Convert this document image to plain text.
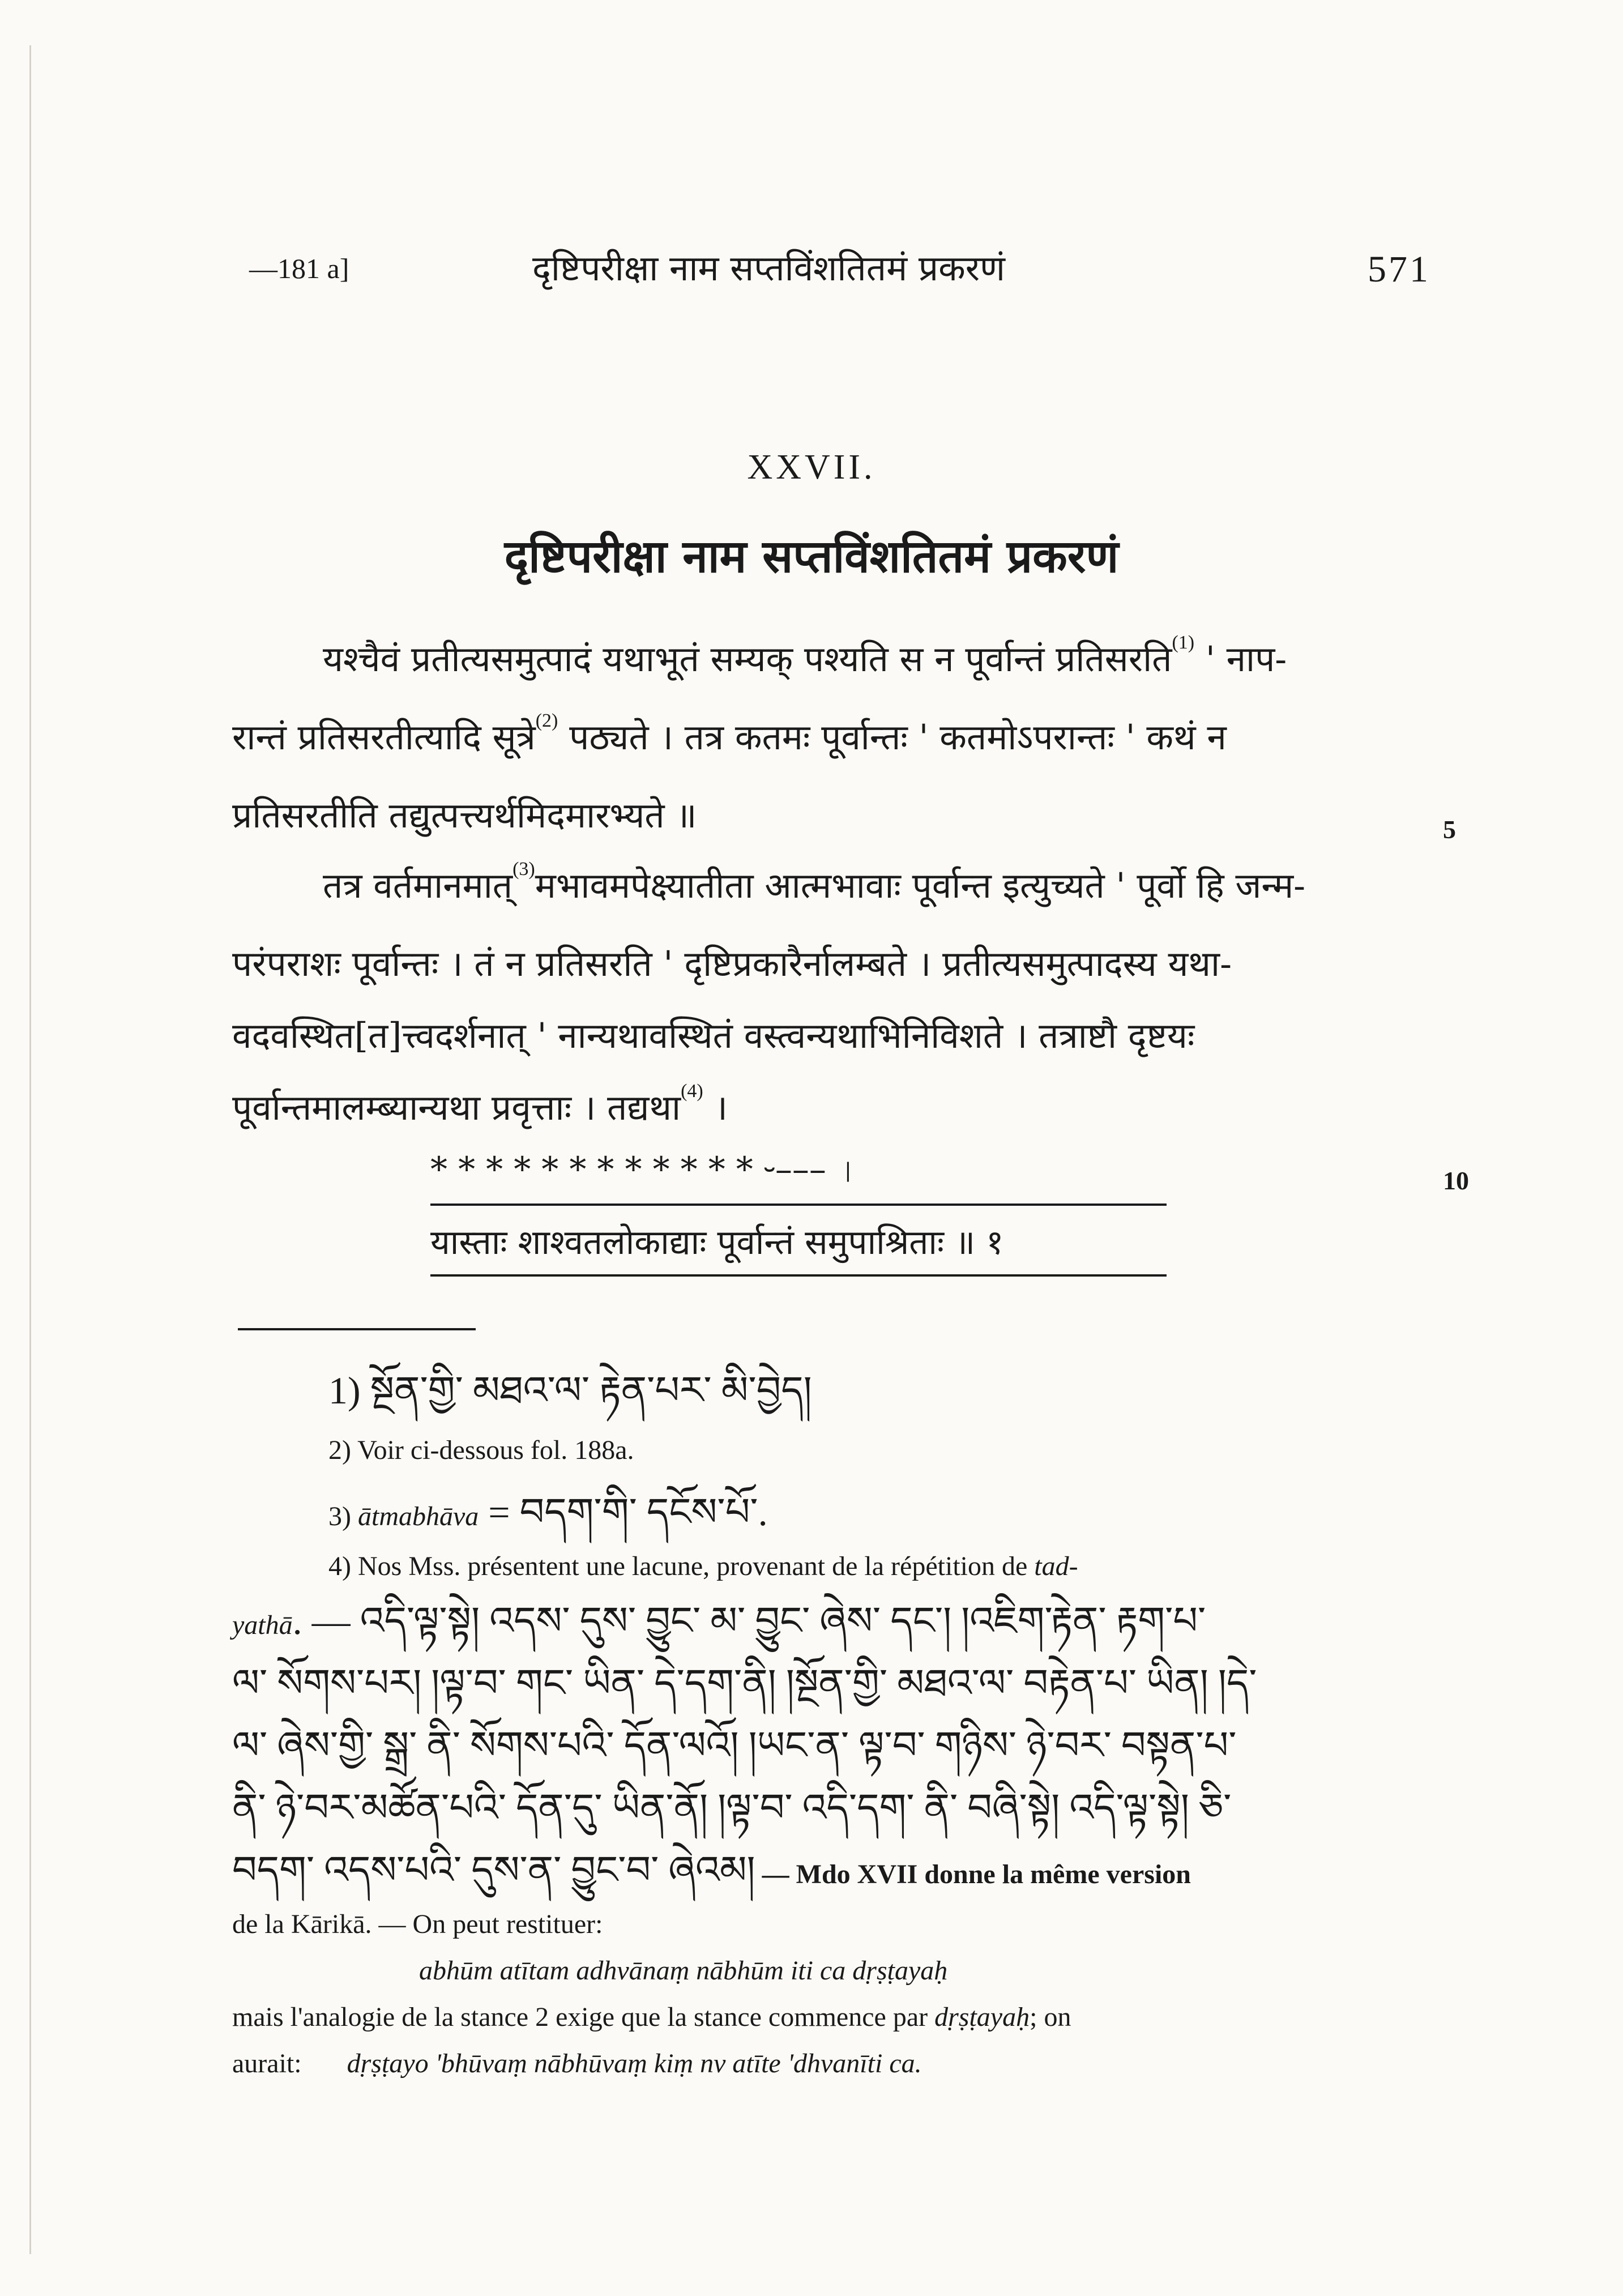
—181 a]	दृष्टिपरीक्षा नाम सप्तविंशतितमं प्रकरणं	571
XXVII.
दृष्टिपरीक्षा नाम सप्तविंशतितमं प्रकरणं
यश्चैवं प्रतीत्यसमुत्पादं यथाभूतं सम्यक् पश्यति स न पूर्वान्तं प्रतिसरति$^{(1)}$ ' नाप-
रान्तं प्रतिसरतीत्यादि सूत्रे$^{(2)}$ पठ्यते । तत्र कतमः पूर्वान्तः ' कतमोऽपरान्तः ' कथं न
प्रतिसरतीति तद्युत्पत्त्यर्थमिदमारभ्यते ॥	5
तत्र वर्तमानमात्$^{(3)}$मभावमपेक्ष्यातीता आत्मभावाः पूर्वान्त इत्युच्यते ' पूर्वो हि जन्म-
परंपराशः पूर्वान्तः । तं न प्रतिसरति ' दृष्टिप्रकारैर्नालम्बते । प्रतीत्यसमुत्पादस्य यथा-
वदवस्थित[त]त्त्वदर्शनात् ' नान्यथावस्थितं वस्त्वन्यथाभिनिविशते । तत्राष्टौ दृष्टयः
पूर्वान्तमालम्ब्यान्यथा प्रवृत्ताः । तद्यथा$^{(4)}$ ।
* * * * * * * * * * * * ⏑––– ।	10
यास्ताः शाश्वतलोकाद्याः पूर्वान्तं समुपाश्रिताः ॥ १
1) སྔོན་གྱི་ མཐའ་ལ་ རྟེན་པར་ མི་བྱེད།
2) Voir ci-dessous fol. 188a.
3) ātmabhāva = བདག་གི་ དངོས་པོ་.
4) Nos Mss. présentent une lacune, provenant de la répétition de tad-
yathā. — འདི་ལྟ་སྟེ། འདས་ དུས་ བྱུང་ མ་ བྱུང་ ཞེས་ དང་། །འཇིག་རྟེན་ རྟག་པ་
ལ་ སོགས་པར། །ལྟ་བ་ གང་ ཡིན་ དེ་དག་ནི། །སྔོན་གྱི་ མཐའ་ལ་ བརྟེན་པ་ ཡིན། །དེ་
ལ་ ཞེས་གྱི་ སྒྲ་ ནི་ སོགས་པའི་ དོན་ལའོ། །ཡང་ན་ ལྟ་བ་ གཉིས་ ཉེ་བར་ བསྟན་པ་
ནི་ ཉེ་བར་མཚོན་པའི་ དོན་དུ་ ཡིན་ནོ། །ལྟ་བ་ འདི་དག་ ནི་ བཞི་སྟེ། འདི་ལྟ་སྟེ། ཅི་
བདག་ འདས་པའི་ དུས་ན་ བྱུང་བ་ ཞེའམ། — Mdo XVII donne la même version
de la Kārikā. — On peut restituer:
abhūm atītam adhvānaṃ nābhūm iti ca dṛṣṭayaḥ
mais l'analogie de la stance 2 exige que la stance commence par dṛṣṭayaḥ; on
aurait: dṛṣṭayo 'bhūvaṃ nābhūvaṃ kiṃ nv atīte 'dhvanīti ca.
